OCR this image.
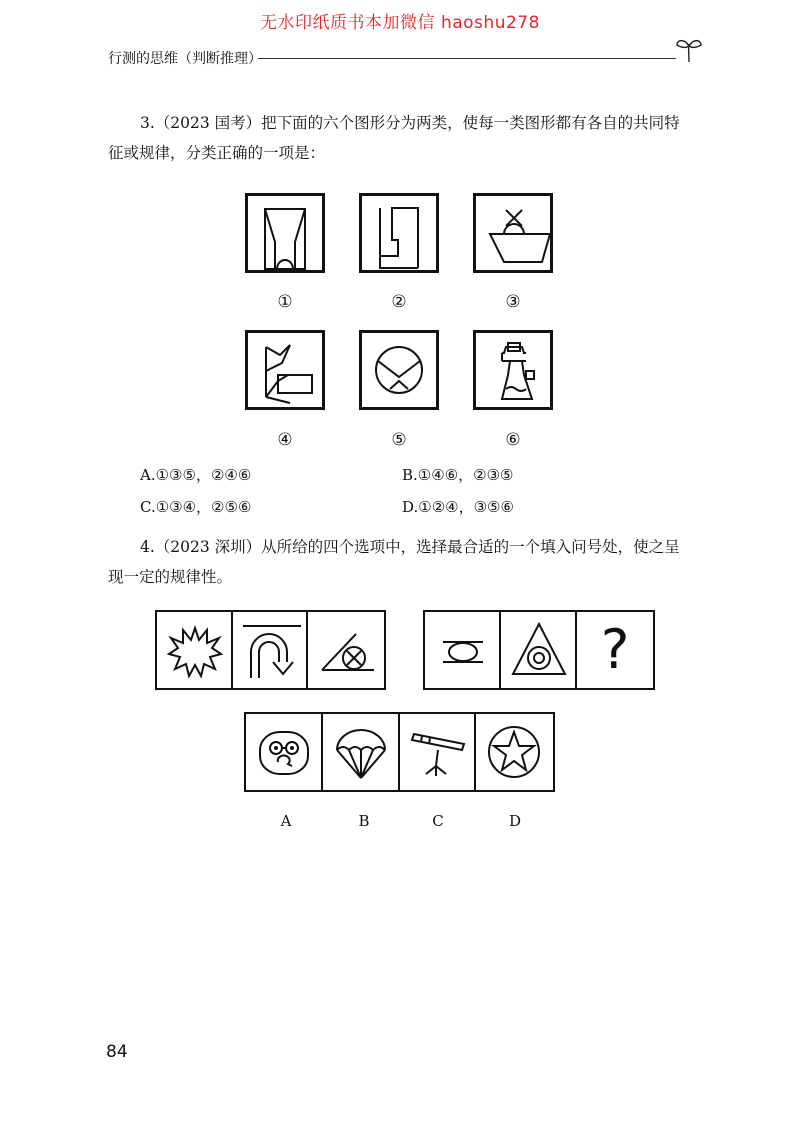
无水印纸质书本加微信 haoshu278
行测的思维（判断推理）
3.（2023 国考）把下面的六个图形分为两类，使每一类图形都有各自的共同特
征或规律，分类正确的一项是：
①	②	③
④	⑤	⑥
A.①③⑤，②④⑥	B.①④⑥，②③⑤
C.①③④，②⑤⑥	D.①②④，③⑤⑥
4.（2023 深圳）从所给的四个选项中，选择最合适的一个填入问号处，使之呈
现一定的规律性。
?
A	B	C	D
84
